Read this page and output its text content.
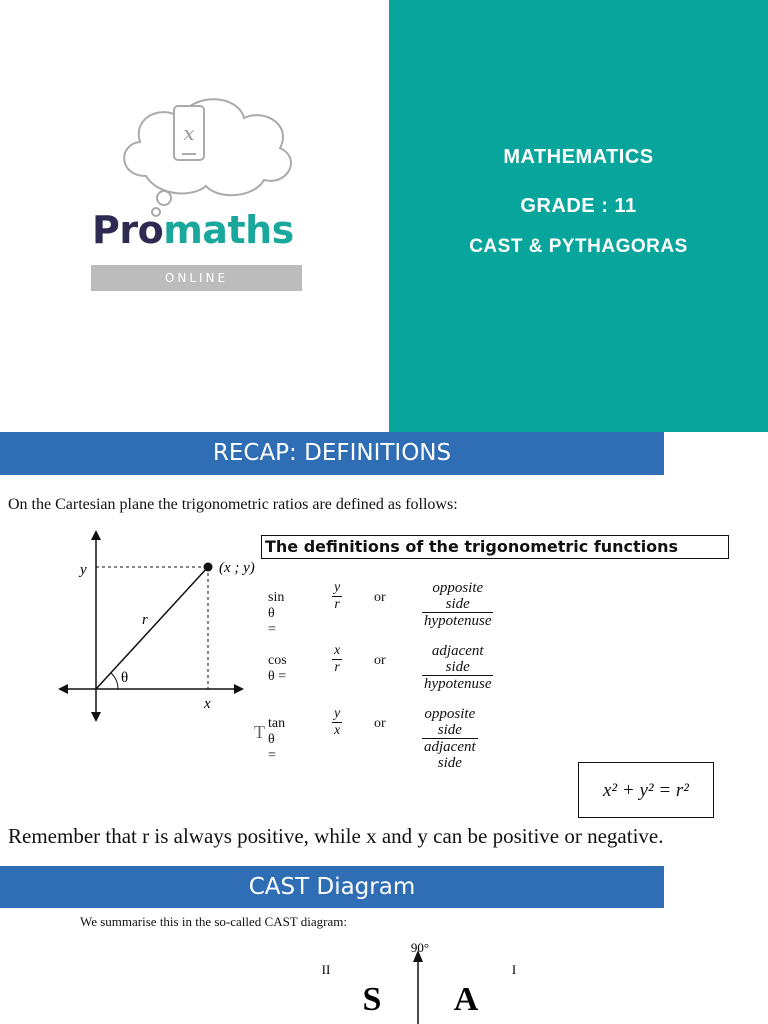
x
Promaths
ONLINE
MATHEMATICS
GRADE : 11
CAST & PYTHAGORAS
RECAP: DEFINITIONS
On the Cartesian plane the trigonometric ratios are defined as follows:
(x ; y)
y
x
r
θ
The definitions of the trigonometric functions
sin θ =
$\frac{y}{r}$ or
opposite side
hypotenuse
cos θ =
$\frac{x}{r}$ or
adjacent side
hypotenuse
tan θ =
$\frac{y}{x}$ or
opposite side
adjacent side
T
x² + y² = r²
Remember that r is always positive, while x and y can be positive or negative.
CAST Diagram
We summarise this in the so-called CAST diagram:
90°
II	I
S A
